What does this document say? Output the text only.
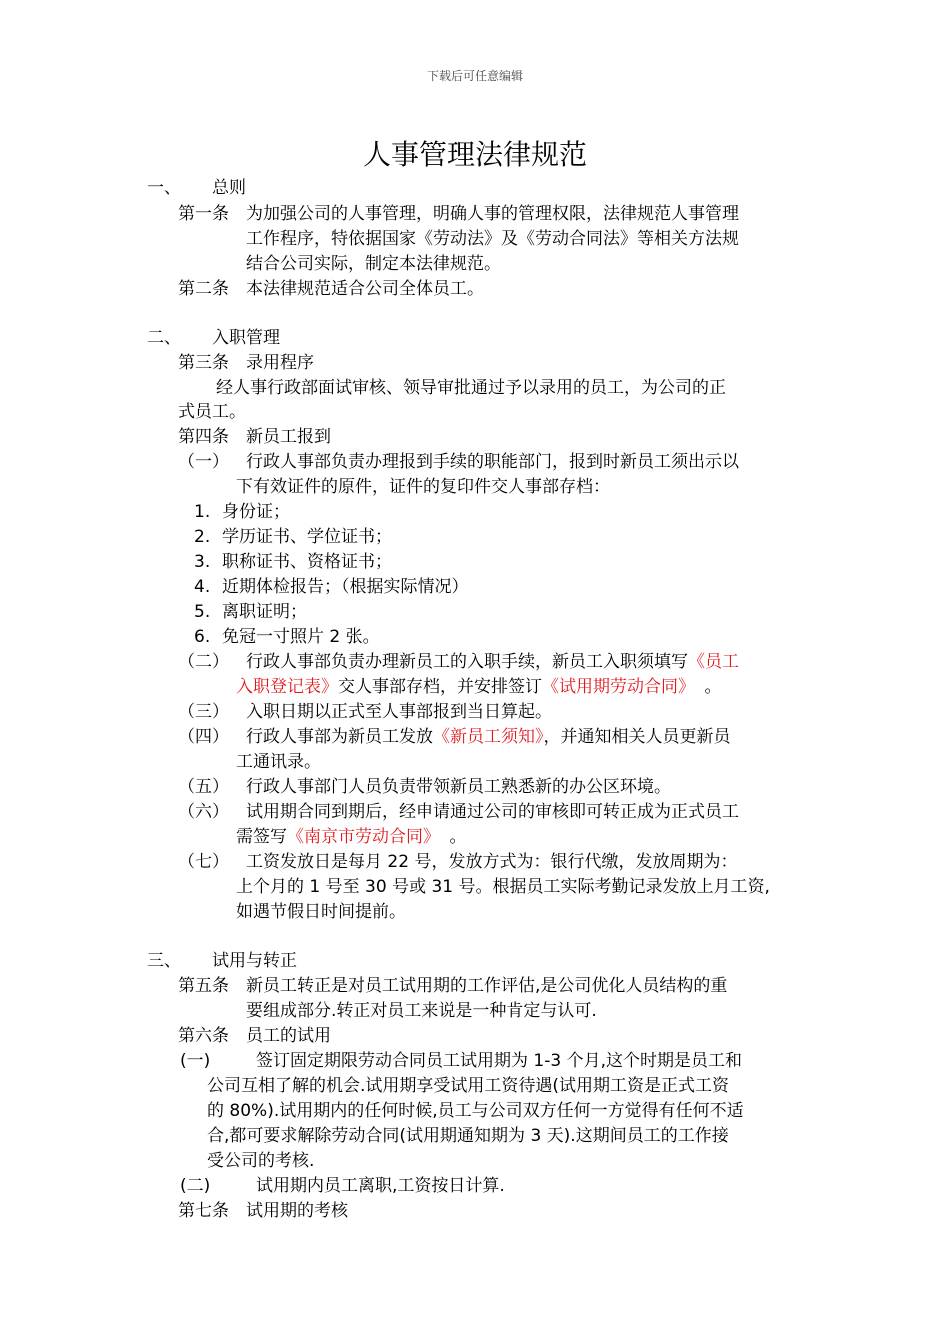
下载后可任意编辑
人事管理法律规范
一、 总则
第一条 为加强公司的人事管理，明确人事的管理权限，法律规范人事管理
工作程序，特依据国家《劳动法》及《劳动合同法》等相关方法规
结合公司实际，制定本法律规范。
第二条 本法律规范适合公司全体员工。
二、 入职管理
第三条 录用程序
经人事行政部面试审核、领导审批通过予以录用的员工，为公司的正
式员工。
第四条 新员工报到
（一） 行政人事部负责办理报到手续的职能部门，报到时新员工须出示以
下有效证件的原件，证件的复印件交人事部存档：
1. 身份证；
2. 学历证书、学位证书；
3. 职称证书、资格证书；
4. 近期体检报告；（根据实际情况）
5. 离职证明；
6. 免冠一寸照片 2 张。
（二） 行政人事部负责办理新员工的入职手续，新员工入职须填写《员工
入职登记表》交人事部存档，并安排签订《试用期劳动合同》 。
（三） 入职日期以正式至人事部报到当日算起。
（四） 行政人事部为新员工发放《新员工须知》，并通知相关人员更新员
工通讯录。
（五） 行政人事部门人员负责带领新员工熟悉新的办公区环境。
（六） 试用期合同到期后，经申请通过公司的审核即可转正成为正式员工
需签写《南京市劳动合同》 。
（七） 工资发放日是每月 22 号，发放方式为：银行代缴，发放周期为：
上个月的 1 号至 30 号或 31 号。根据员工实际考勤记录发放上月工资,
如遇节假日时间提前。
三、 试用与转正
第五条 新员工转正是对员工试用期的工作评估,是公司优化人员结构的重
要组成部分.转正对员工来说是一种肯定与认可.
第六条 员工的试用
(一)	签订固定期限劳动合同员工试用期为 1-3 个月,这个时期是员工和
公司互相了解的机会.试用期享受试用工资待遇(试用期工资是正式工资
的 80%).试用期内的任何时候,员工与公司双方任何一方觉得有任何不适
合,都可要求解除劳动合同(试用期通知期为 3 天).这期间员工的工作接
受公司的考核.
(二)	试用期内员工离职,工资按日计算.
第七条 试用期的考核
